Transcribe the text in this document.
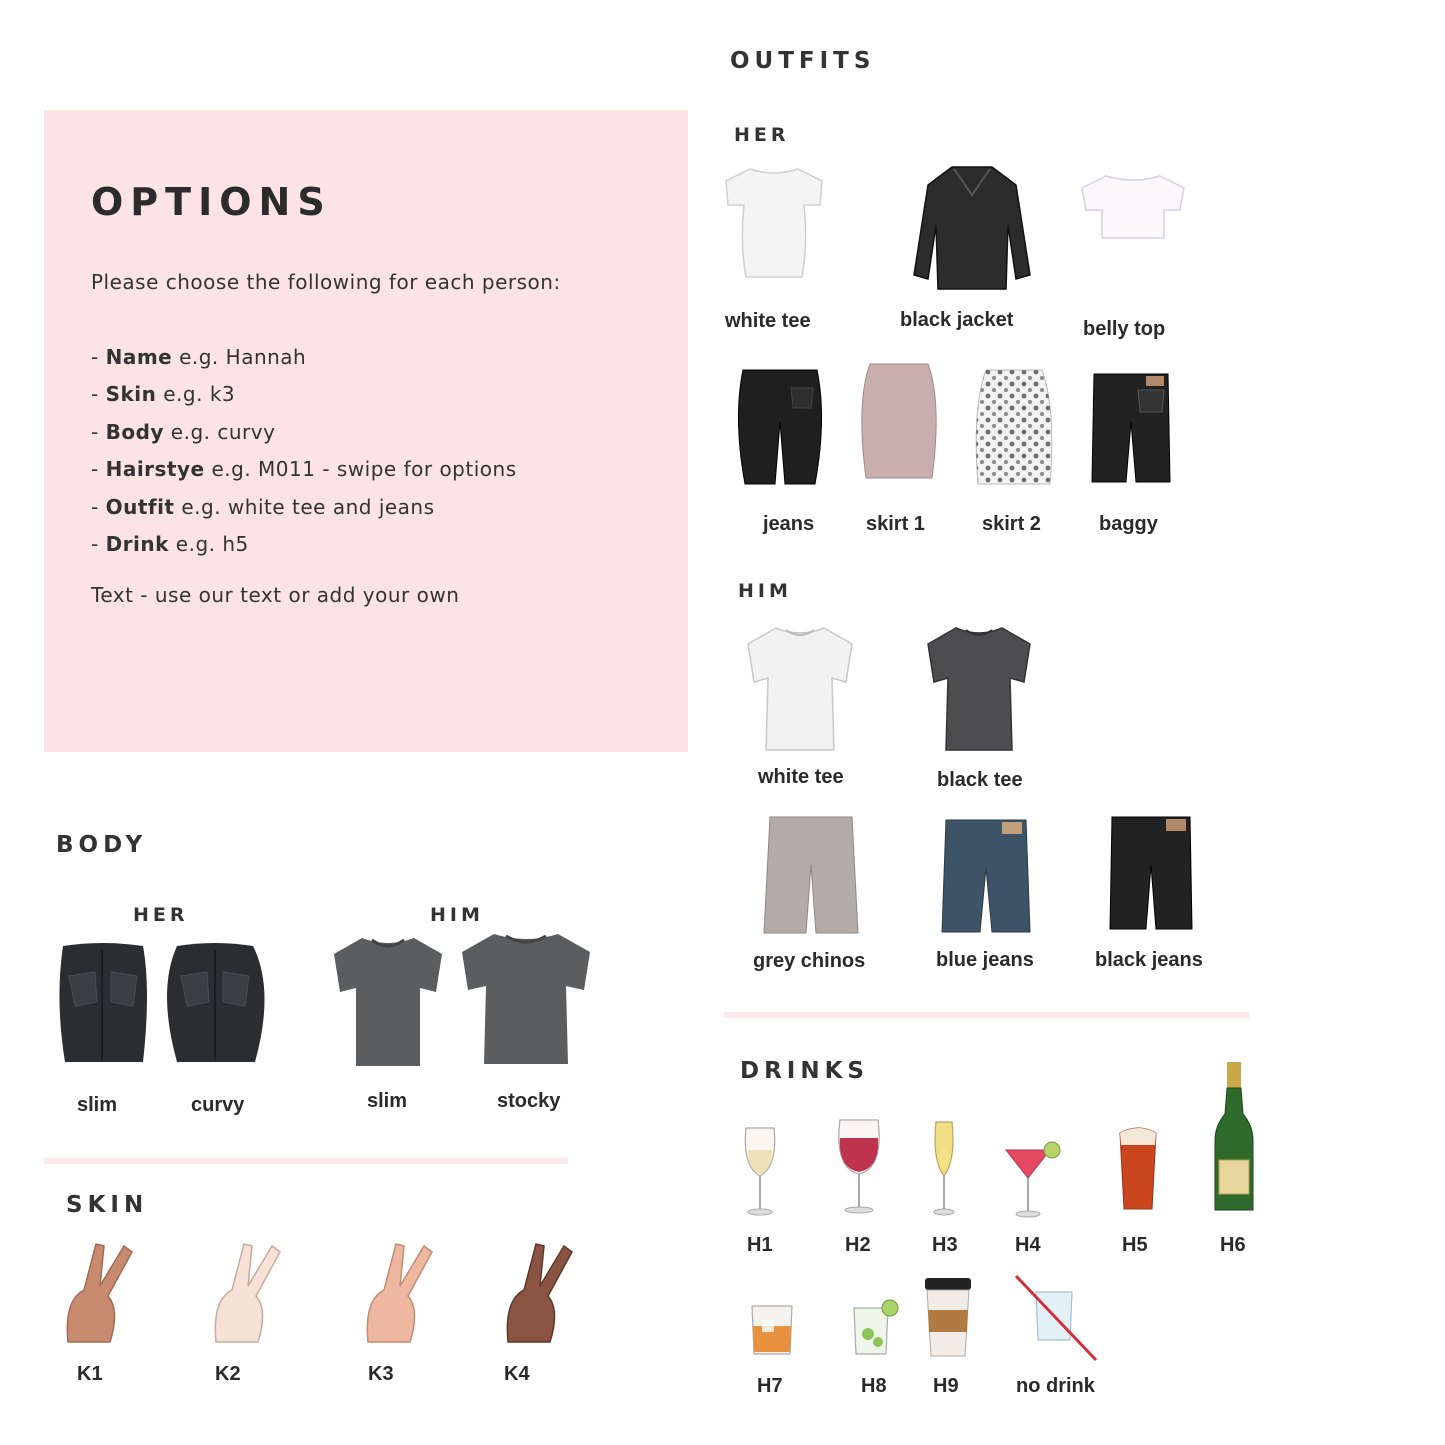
OPTIONS
Please choose the following for each person:
- Name e.g. Hannah
- Skin e.g. k3
- Body e.g. curvy
- Hairstye e.g. M011 - swipe for options
- Outfit e.g. white tee and jeans
- Drink e.g. h5
Text - use our text or add your own
BODY
HER	HIM
slim	curvy	slim	stocky
SKIN
K1	K2	K3	K4
OUTFITS
HER
white tee	black jacket	belly top
jeans	skirt 1	skirt 2	baggy
HIM
white tee	black tee
grey chinos	blue jeans	black jeans
DRINKS
H1	H2	H3	H4	H5	H6
H7	H8 H9	no drink
